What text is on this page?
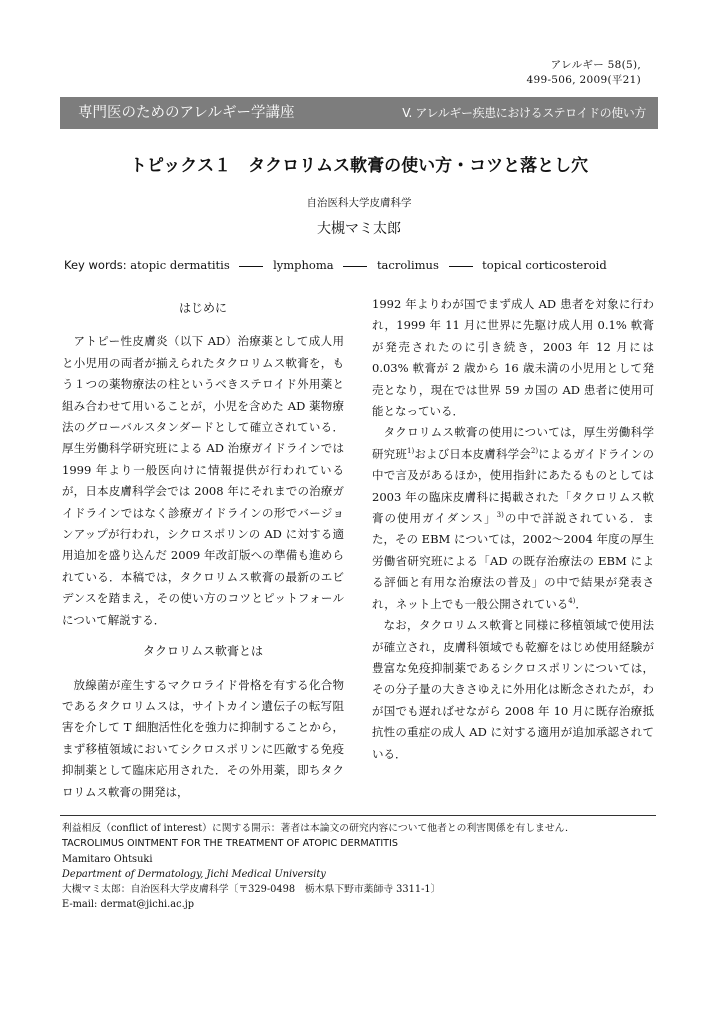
アレルギー 58(5),
499-506, 2009(平21)
専門医のためのアレルギー学講座	V. アレルギー疾患におけるステロイドの使い方
トピックス１　タクロリムス軟膏の使い方・コツと落とし穴
自治医科大学皮膚科学
大槻マミ太郎
Key words: atopic dermatitis	lymphoma	tacrolimus	topical corticosteroid
はじめに

アトピー性皮膚炎（以下 AD）治療薬として成人用と小児用の両者が揃えられたタクロリムス軟膏を，もう１つの薬物療法の柱というべきステロイド外用薬と組み合わせて用いることが，小児を含めた AD 薬物療法のグローバルスタンダードとして確立されている．厚生労働科学研究班による AD 治療ガイドラインでは 1999 年より一般医向けに情報提供が行われているが，日本皮膚科学会では 2008 年にそれまでの治療ガイドラインではなく診療ガイドラインの形でバージョンアップが行われ，シクロスポリンの AD に対する適用追加を盛り込んだ 2009 年改訂版への準備も進められている．本稿では，タクロリムス軟膏の最新のエビデンスを踏まえ，その使い方のコツとピットフォールについて解説する．

タクロリムス軟膏とは

放線菌が産生するマクロライド骨格を有する化合物であるタクロリムスは，サイトカイン遺伝子の転写阻害を介して T 細胞活性化を強力に抑制することから，まず移植領域においてシクロスポリンに匹敵する免疫抑制薬として臨床応用された．その外用薬，即ちタクロリムス軟膏の開発は，

1992 年よりわが国でまず成人 AD 患者を対象に行われ，1999 年 11 月に世界に先駆け成人用 0.1% 軟膏が発売されたのに引き続き，2003 年 12 月には 0.03% 軟膏が 2 歳から 16 歳未満の小児用として発売となり，現在では世界 59 カ国の AD 患者に使用可能となっている．

タクロリムス軟膏の使用については，厚生労働科学研究班$^{1)}$および日本皮膚科学会$^{2)}$によるガイドラインの中で言及があるほか，使用指針にあたるものとしては 2003 年の臨床皮膚科に掲載された「タクロリムス軟膏の使用ガイダンス」$^{3)}$の中で詳説されている．また，その EBM については，2002～2004 年度の厚生労働省研究班による「AD の既存治療法の EBM による評価と有用な治療法の普及」の中で結果が発表され，ネット上でも一般公開されている$^{4)}$．

なお，タクロリムス軟膏と同様に移植領域で使用法が確立され，皮膚科領域でも乾癬をはじめ使用経験が豊富な免疫抑制薬であるシクロスポリンについては，その分子量の大きさゆえに外用化は断念されたが，わが国でも遅ればせながら 2008 年 10 月に既存治療抵抗性の重症の成人 AD に対する適用が追加承認されている．

利益相反（conflict of interest）に関する開示：著者は本論文の研究内容について他者との利害関係を有しません．
TACROLIMUS OINTMENT FOR THE TREATMENT OF ATOPIC DERMATITIS
Mamitaro Ohtsuki
Department of Dermatology, Jichi Medical University
大槻マミ太郎：自治医科大学皮膚科学〔〒329-0498　栃木県下野市薬師寺 3311-1〕
E-mail: dermat@jichi.ac.jp
